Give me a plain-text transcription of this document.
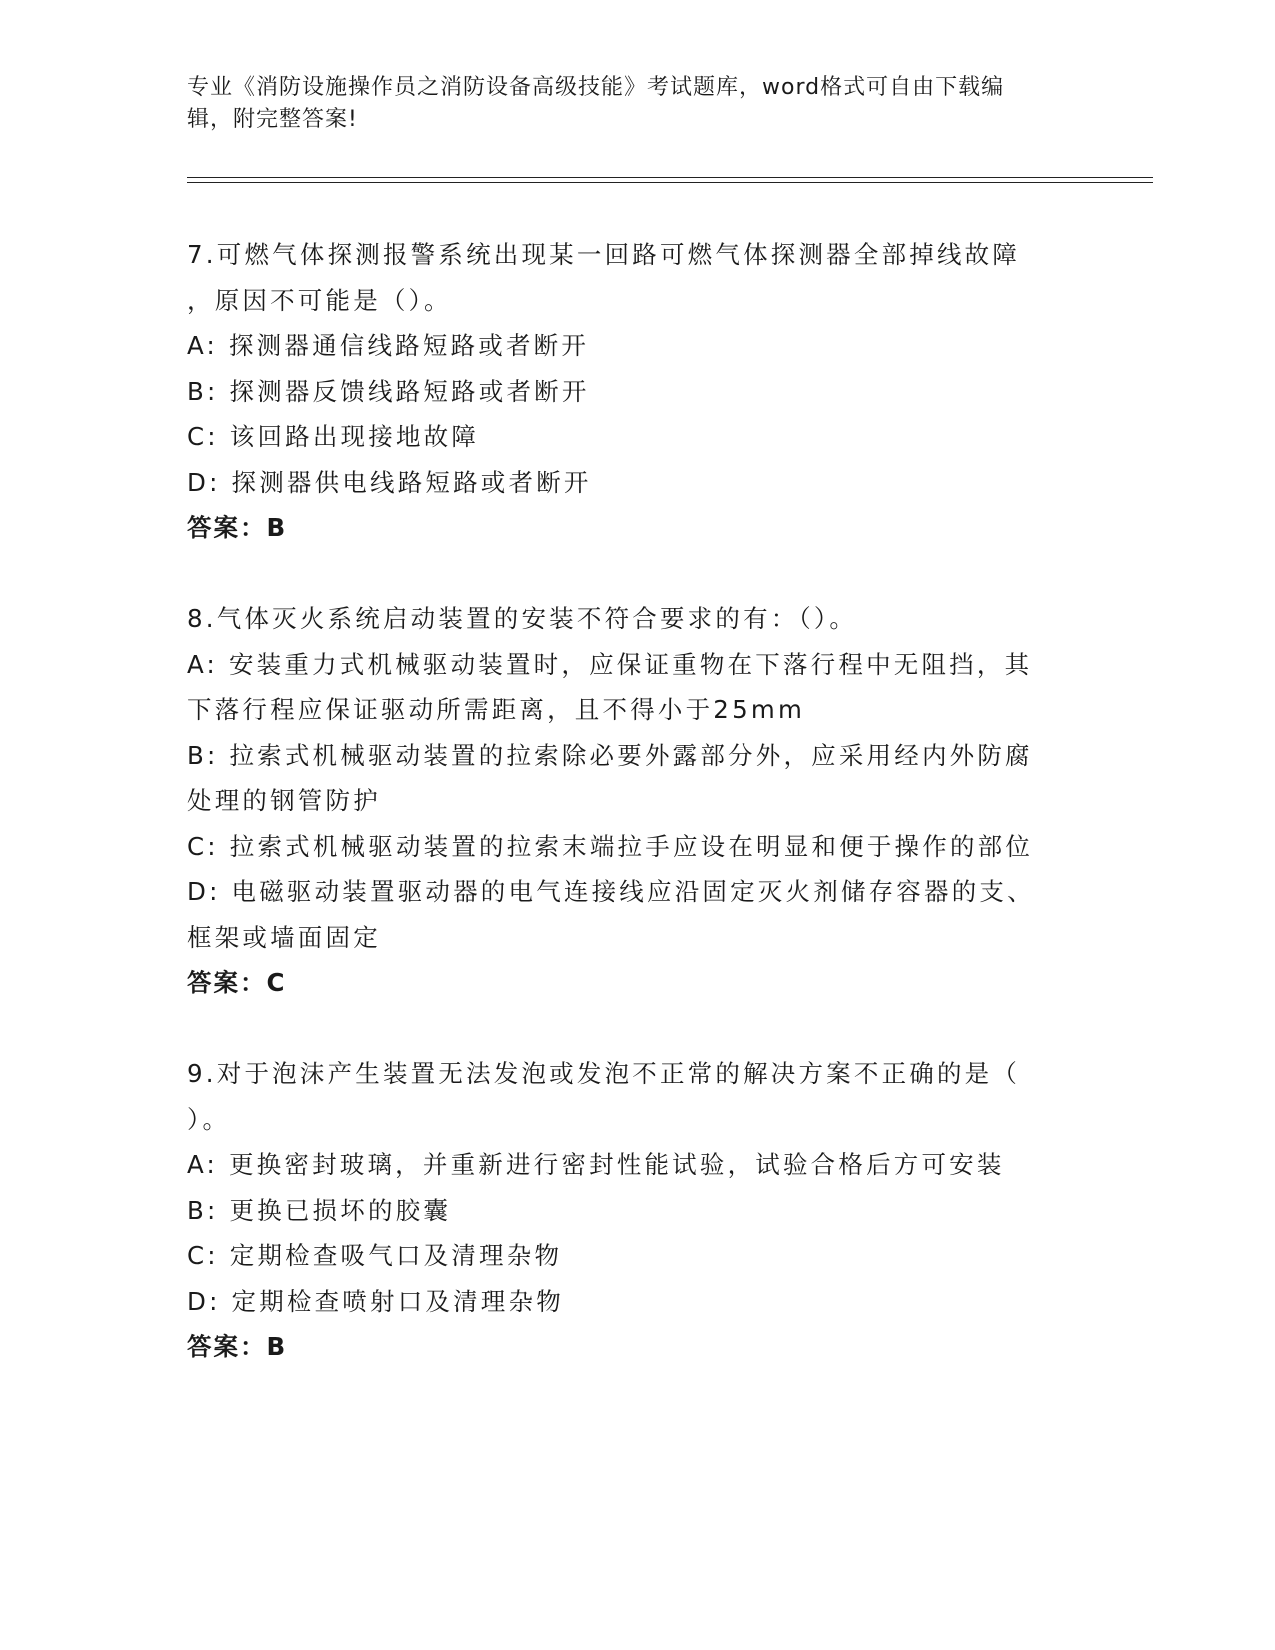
专业《消防设施操作员之消防设备高级技能》考试题库，word格式可自由下载编
辑，附完整答案!
7.可燃气体探测报警系统出现某一回路可燃气体探测器全部掉线故障
，原因不可能是（）。
A: 探测器通信线路短路或者断开
B: 探测器反馈线路短路或者断开
C: 该回路出现接地故障
D: 探测器供电线路短路或者断开
答案：B
8.气体灭火系统启动装置的安装不符合要求的有：（）。
A: 安装重力式机械驱动装置时，应保证重物在下落行程中无阻挡，其
下落行程应保证驱动所需距离，且不得小于25mm
B: 拉索式机械驱动装置的拉索除必要外露部分外，应采用经内外防腐
处理的钢管防护
C: 拉索式机械驱动装置的拉索末端拉手应设在明显和便于操作的部位
D: 电磁驱动装置驱动器的电气连接线应沿固定灭火剂储存容器的支、
框架或墙面固定
答案：C
9.对于泡沫产生装置无法发泡或发泡不正常的解决方案不正确的是（
）。
A: 更换密封玻璃，并重新进行密封性能试验，试验合格后方可安装
B: 更换已损坏的胶囊
C: 定期检查吸气口及清理杂物
D: 定期检查喷射口及清理杂物
答案：B
